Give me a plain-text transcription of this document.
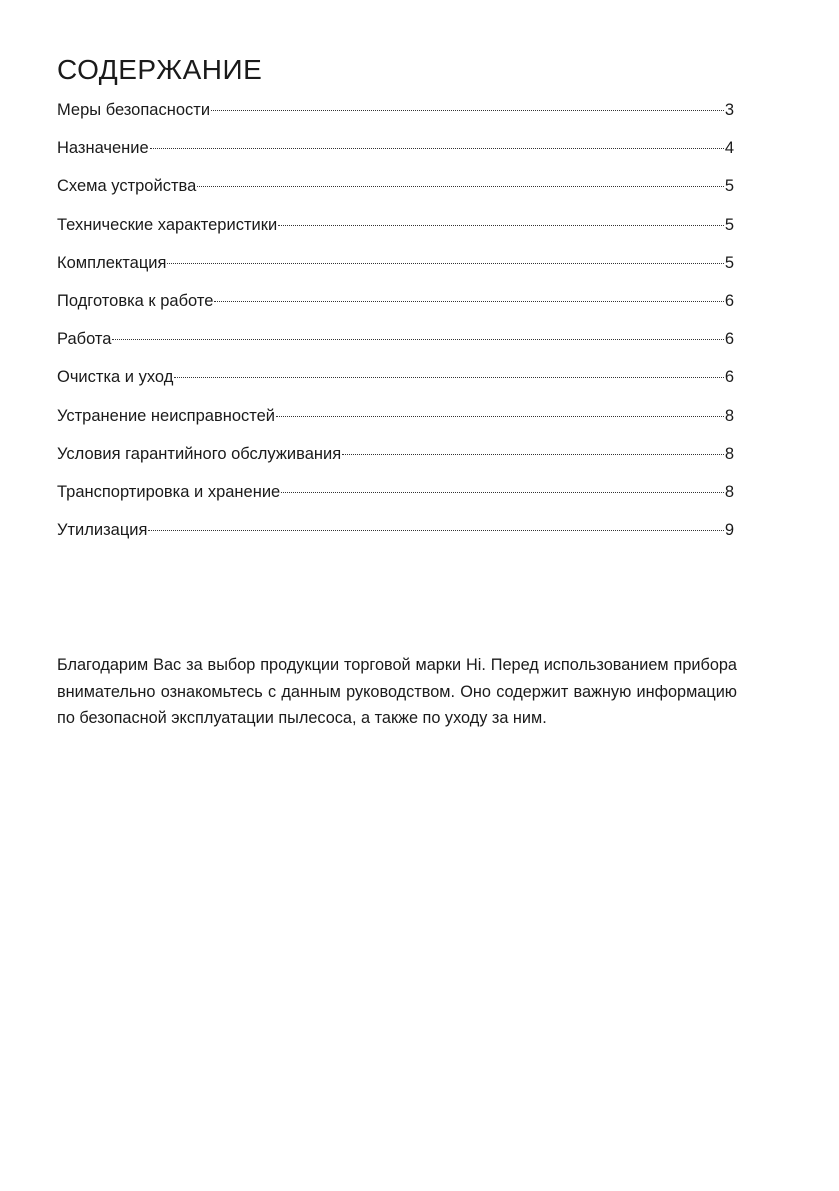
СОДЕРЖАНИЕ
Меры безопасности	3
Назначение	4
Схема устройства	5
Технические характеристики	5
Комплектация	5
Подготовка к работе	6
Работа	6
Очистка и уход	6
Устранение неисправностей	8
Условия гарантийного обслуживания	8
Транспортировка и хранение	8
Утилизация	9

Благодарим Вас за выбор продукции торговой марки Hi. Перед использованием прибора внимательно ознакомьтесь с данным руководством. Оно содержит важную информацию по безопасной эксплуатации пылесоса, а также по уходу за ним.
